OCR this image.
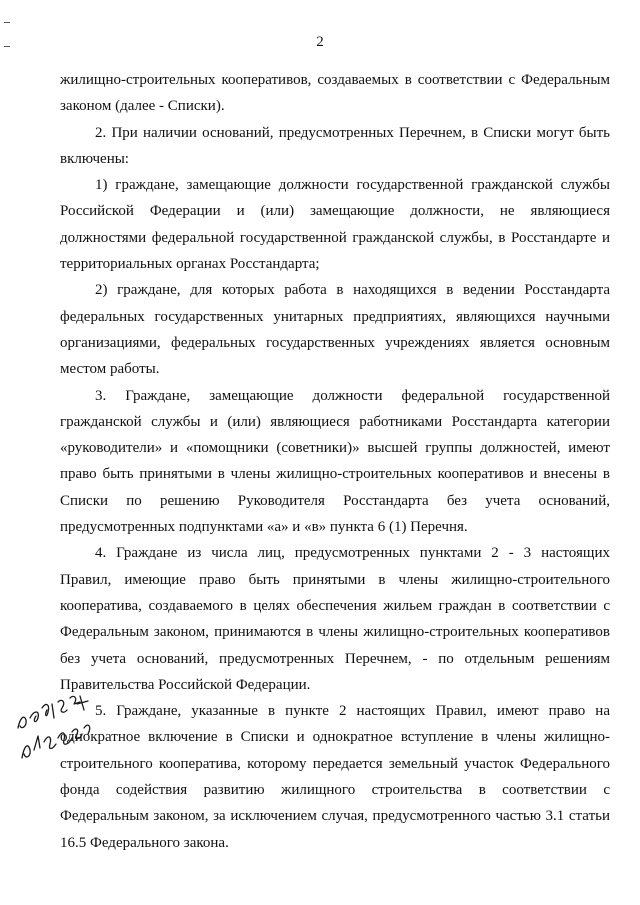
2

жилищно-строительных кооперативов, создаваемых в соответствии с Федеральным
законом (далее - Списки).

2. При наличии оснований, предусмотренных Перечнем, в Списки могут быть
включены:

1) граждане, замещающие должности государственной гражданской службы
Российской Федерации и (или) замещающие должности, не являющиеся
должностями федеральной государственной гражданской службы, в Росстандарте и
территориальных органах Росстандарта;

2) граждане, для которых работа в находящихся в ведении Росстандарта
федеральных государственных унитарных предприятиях, являющихся научными
организациями, федеральных государственных учреждениях является основным
местом работы.

3. Граждане, замещающие должности федеральной государственной
гражданской службы и (или) являющиеся работниками Росстандарта категории
«руководители» и «помощники (советники)» высшей группы должностей, имеют
право быть принятыми в члены жилищно-строительных кооперативов и внесены в
Списки по решению Руководителя Росстандарта без учета оснований,
предусмотренных подпунктами «а» и «в» пункта 6 (1) Перечня.

4. Граждане из числа лиц, предусмотренных пунктами 2 - 3 настоящих
Правил, имеющие право быть принятыми в члены жилищно-строительного
кооператива, создаваемого в целях обеспечения жильем граждан в соответствии с
Федеральным законом, принимаются в члены жилищно-строительных кооперативов
без учета оснований, предусмотренных Перечнем, - по отдельным решениям
Правительства Российской Федерации.

5. Граждане, указанные в пункте 2 настоящих Правил, имеют право на
однократное включение в Списки и однократное вступление в члены жилищно-
строительного кооператива, которому передается земельный участок Федерального
фонда содействия развитию жилищного строительства в соответствии с
Федеральным законом, за исключением случая, предусмотренного частью 3.1 статьи
16.5 Федерального закона.
